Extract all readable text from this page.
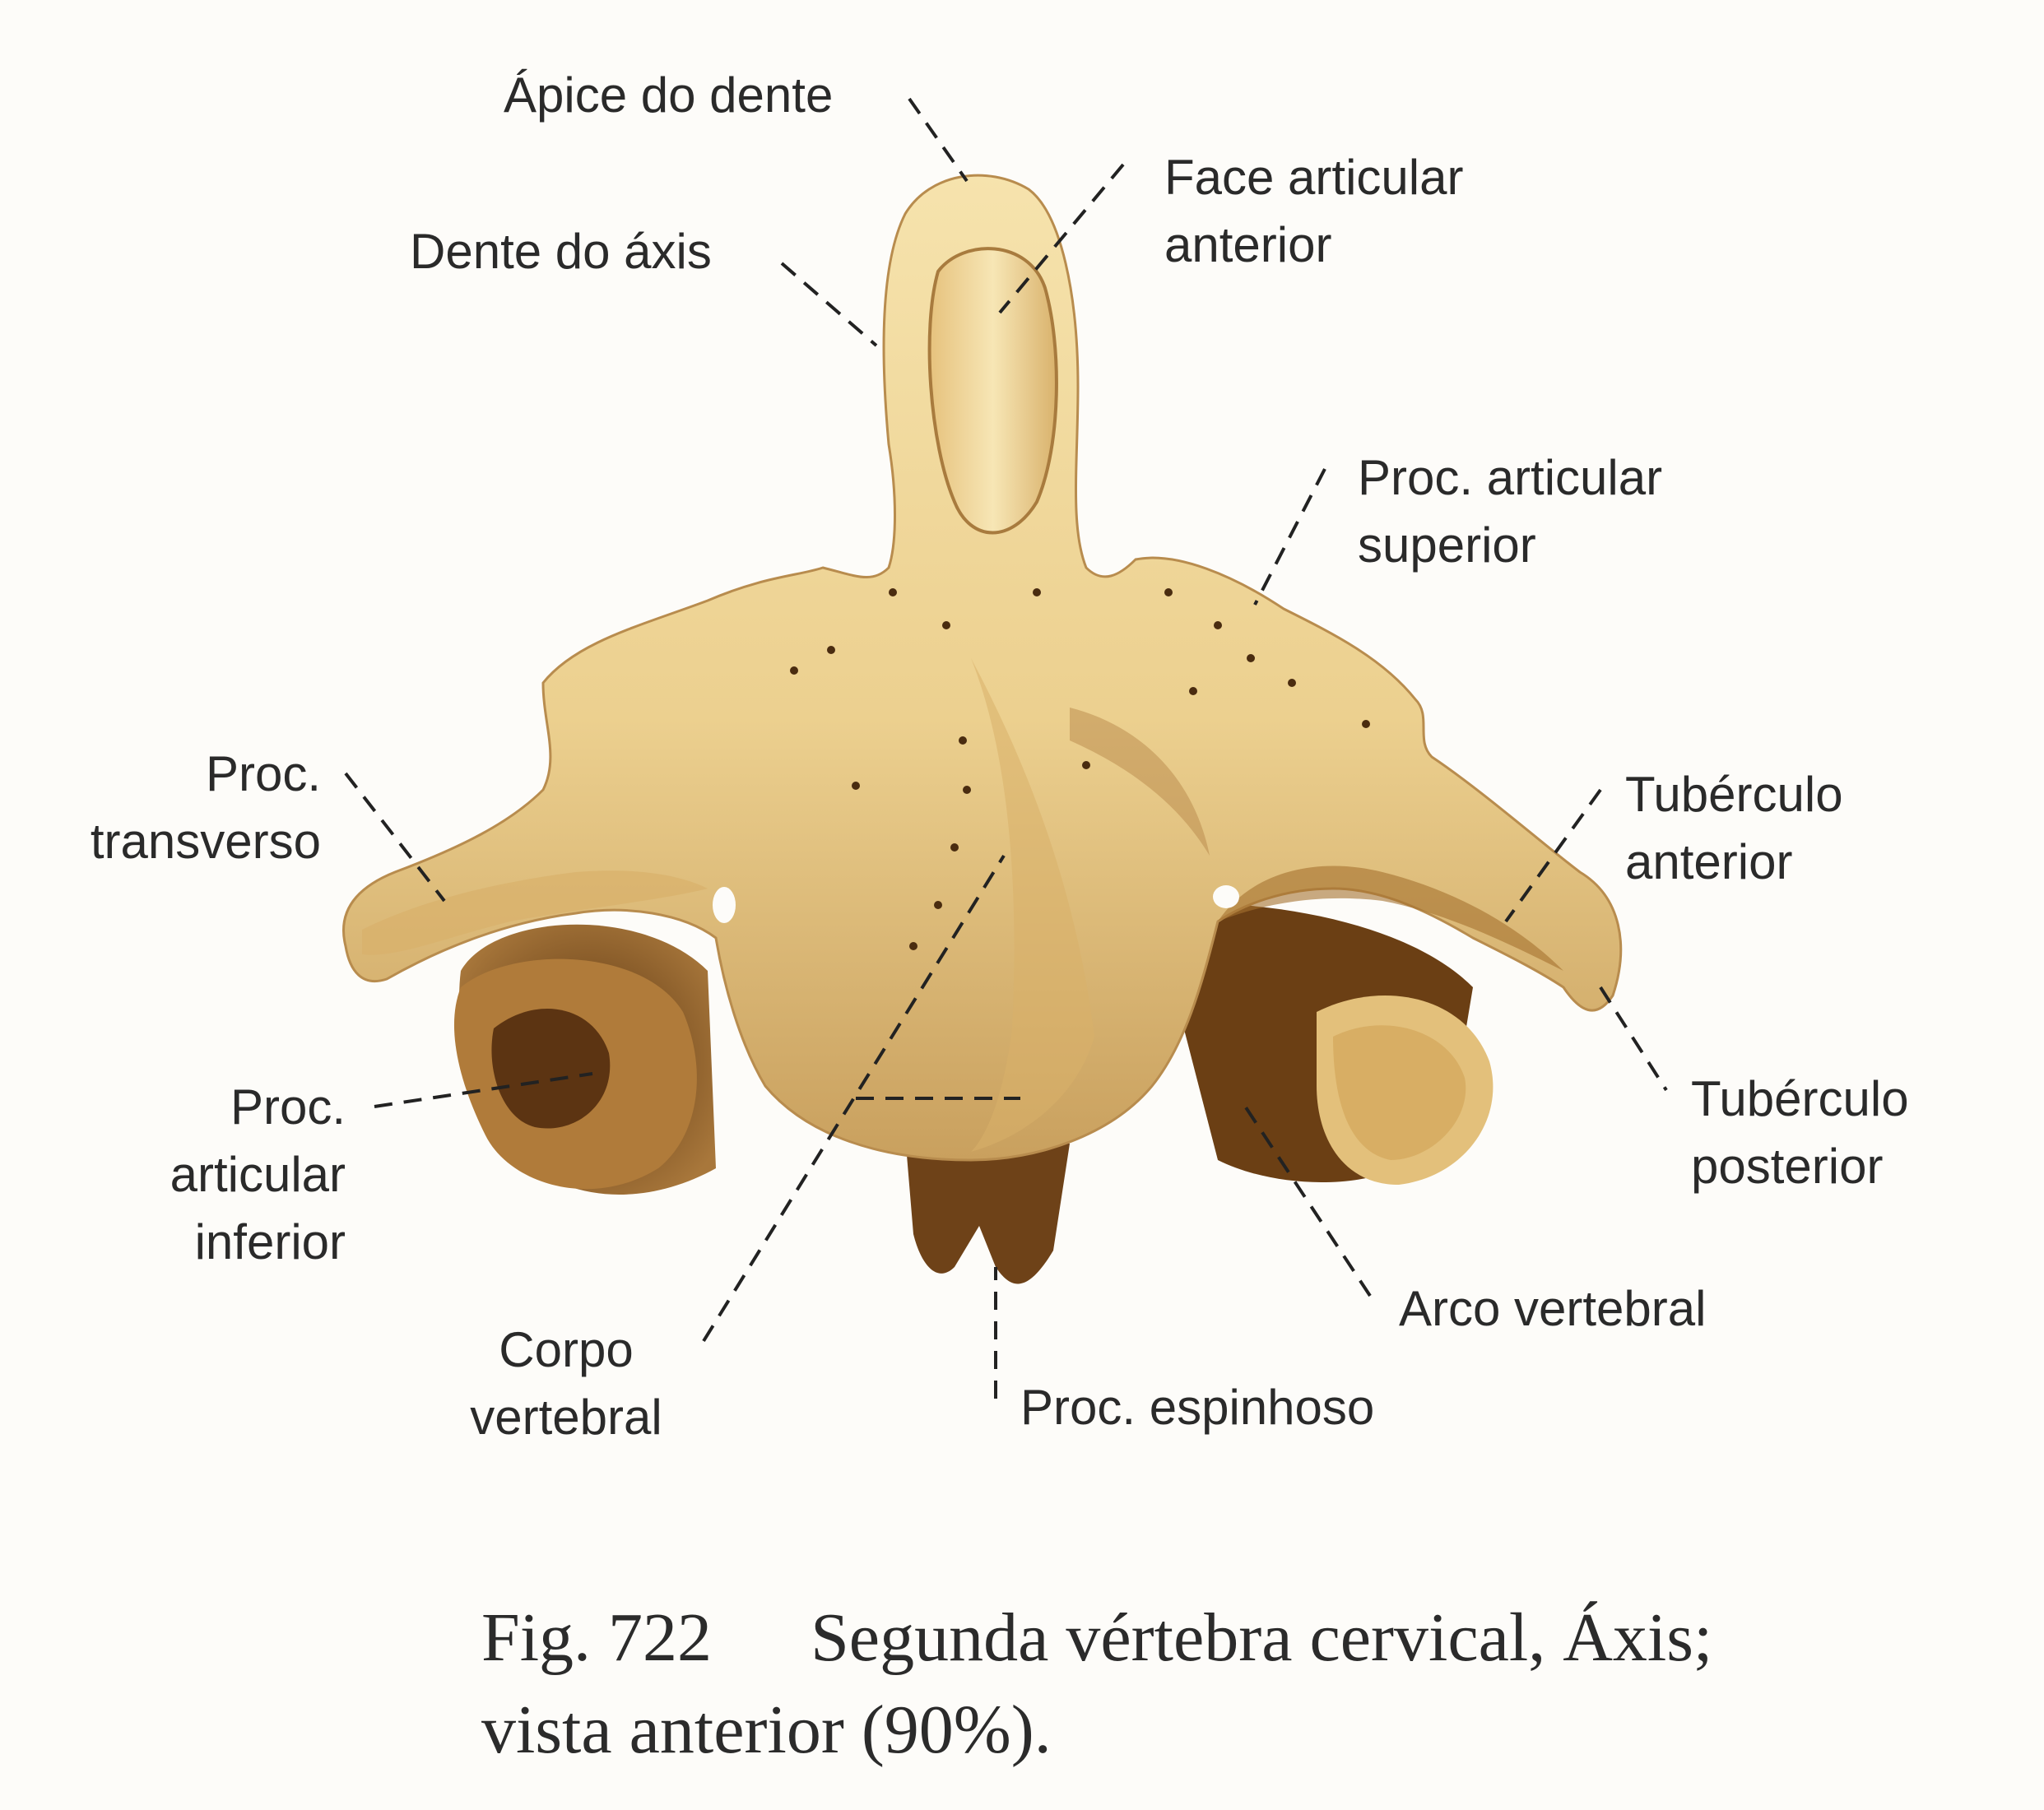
Ápice do dente
Dente do áxis
Face articular
anterior
Proc. articular
superior
Proc.
transverso
Tubérculo
anterior
Tubérculo
posterior
Proc.
articular
inferior
Arco vertebral
Corpo
vertebral	Proc. espinhoso
Fig. 722 Segunda vértebra cervical, Áxis;
vista anterior (90%).
